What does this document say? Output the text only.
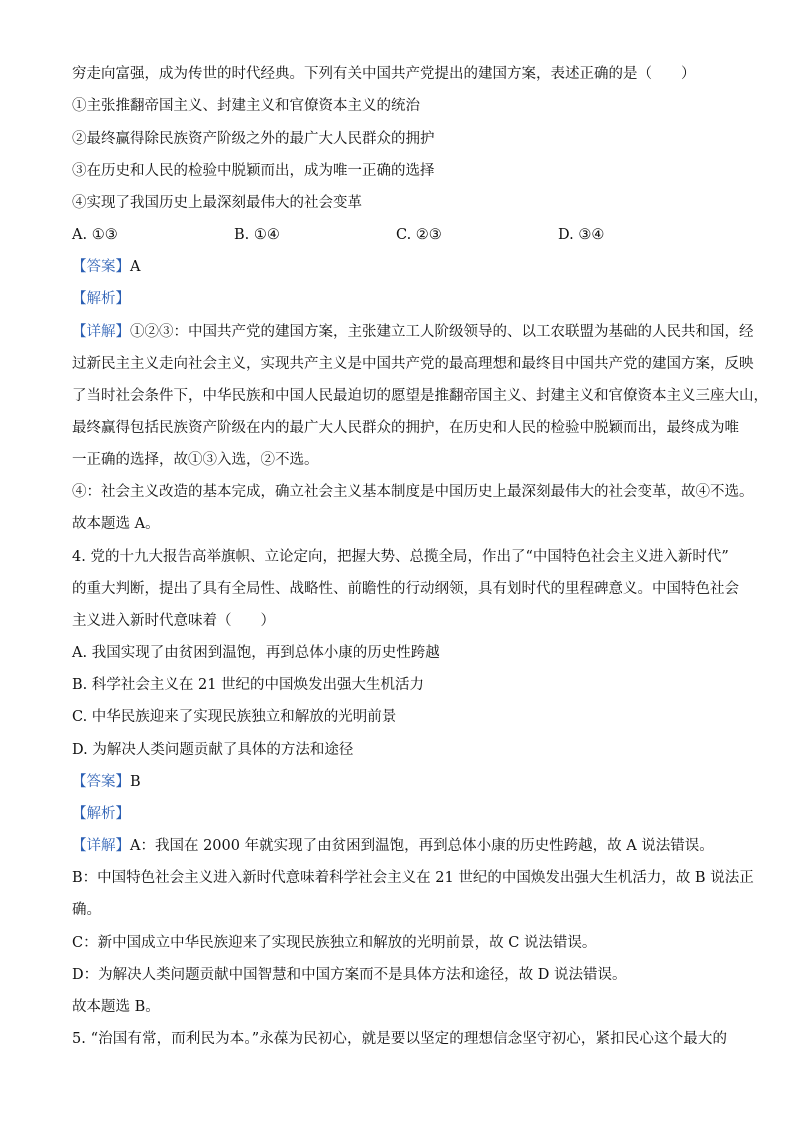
穷走向富强，成为传世的时代经典。下列有关中国共产党提出的建国方案，表述正确的是（　　）
①主张推翻帝国主义、封建主义和官僚资本主义的统治
②最终赢得除民族资产阶级之外的最广大人民群众的拥护
③在历史和人民的检验中脱颖而出，成为唯一正确的选择
④实现了我国历史上最深刻最伟大的社会变革
A. ①③	B. ①④	C. ②③	D. ③④
【答案】A
【解析】
【详解】①②③：中国共产党的建国方案，主张建立工人阶级领导的、以工农联盟为基础的人民共和国，经
过新民主主义走向社会主义，实现共产主义是中国共产党的最高理想和最终目中国共产党的建国方案，反映
了当时社会条件下，中华民族和中国人民最迫切的愿望是推翻帝国主义、封建主义和官僚资本主义三座大山，
最终赢得包括民族资产阶级在内的最广大人民群众的拥护，在历史和人民的检验中脱颖而出，最终成为唯
一正确的选择，故①③入选，②不选。
④：社会主义改造的基本完成，确立社会主义基本制度是中国历史上最深刻最伟大的社会变革，故④不选。
故本题选 A。
4. 党的十九大报告高举旗帜、立论定向，把握大势、总揽全局，作出了“中国特色社会主义进入新时代”
的重大判断，提出了具有全局性、战略性、前瞻性的行动纲领，具有划时代的里程碑意义。中国特色社会
主义进入新时代意味着（　　）
A. 我国实现了由贫困到温饱，再到总体小康的历史性跨越
B. 科学社会主义在 21 世纪的中国焕发出强大生机活力
C. 中华民族迎来了实现民族独立和解放的光明前景
D. 为解决人类问题贡献了具体的方法和途径
【答案】B
【解析】
【详解】A：我国在 2000 年就实现了由贫困到温饱，再到总体小康的历史性跨越，故 A 说法错误。
B：中国特色社会主义进入新时代意味着科学社会主义在 21 世纪的中国焕发出强大生机活力，故 B 说法正
确。
C：新中国成立中华民族迎来了实现民族独立和解放的光明前景，故 C 说法错误。
D：为解决人类问题贡献中国智慧和中国方案而不是具体方法和途径，故 D 说法错误。
故本题选 B。
5. “治国有常，而利民为本。”永葆为民初心，就是要以坚定的理想信念坚守初心，紧扣民心这个最大的
